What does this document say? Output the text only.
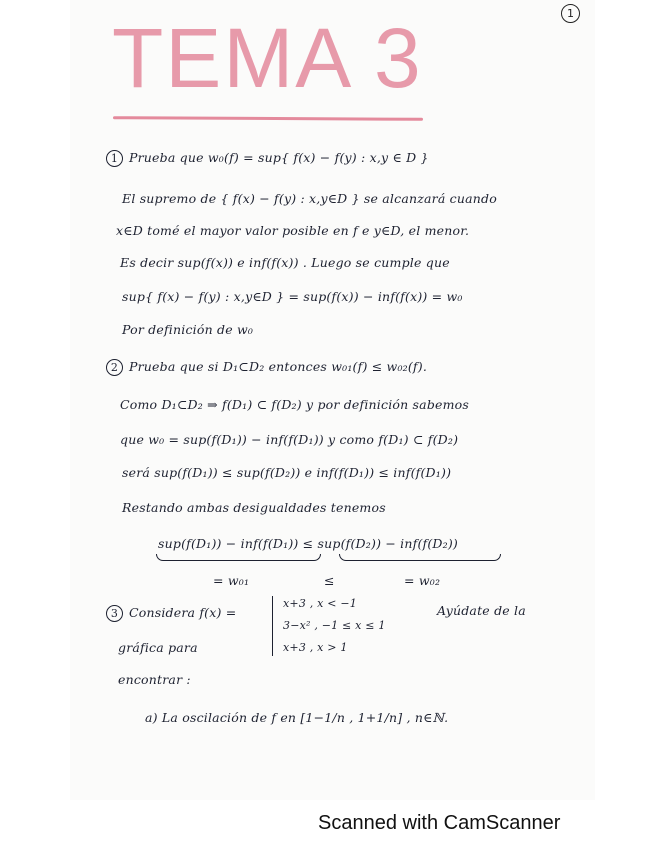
1
TEMA 3
1 Prueba que w₀(f) = sup{ f(x) − f(y) : x,y ∈ D }
El supremo de { f(x) − f(y) : x,y∈D } se alcanzará cuando
x∈D tomé el mayor valor posible en f e y∈D, el menor.
Es decir sup(f(x)) e inf(f(x)) . Luego se cumple que
sup{ f(x) − f(y) : x,y∈D } = sup(f(x)) − inf(f(x)) = w₀
Por definición de w₀
2 Prueba que si D₁⊂D₂ entonces w₀₁(f) ≤ w₀₂(f).
Como D₁⊂D₂ ⇒ f(D₁) ⊂ f(D₂) y por definición sabemos
que w₀ = sup(f(D₁)) − inf(f(D₁)) y como f(D₁) ⊂ f(D₂)
será sup(f(D₁)) ≤ sup(f(D₂)) e inf(f(D₁)) ≤ inf(f(D₁))
Restando ambas desigualdades tenemos
sup(f(D₁)) − inf(f(D₁)) ≤ sup(f(D₂)) − inf(f(D₂))
= w₀₁	≤	= w₀₂
3 Considera f(x) =
x+3 , x < −1
3−x² , −1 ≤ x ≤ 1
x+3 , x > 1
Ayúdate de la
gráfica para
encontrar :
a) La oscilación de f en [1−1/n , 1+1/n] , n∈ℕ.
Scanned with CamScanner
